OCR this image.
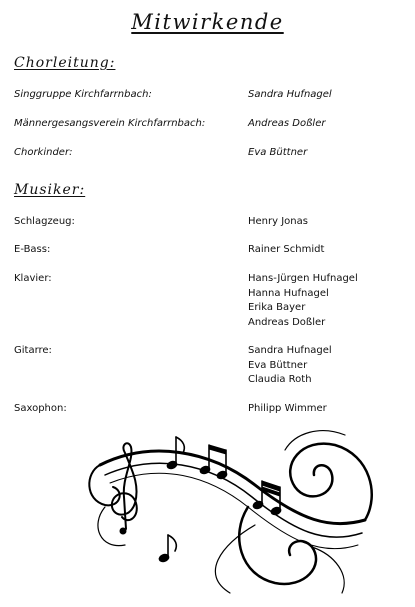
Mitwirkende
Chorleitung:
Singgruppe Kirchfarrnbach:	Sandra Hufnagel
Männergesangsverein Kirchfarrnbach:	Andreas Doßler
Chorkinder:	Eva Büttner
Musiker:
Schlagzeug:	Henry Jonas
E-Bass:	Rainer Schmidt
Klavier:	Hans-Jürgen Hufnagel
Hanna Hufnagel
Erika Bayer
Andreas Doßler
Gitarre:	Sandra Hufnagel
Eva Büttner
Claudia Roth
Saxophon:	Philipp Wimmer
